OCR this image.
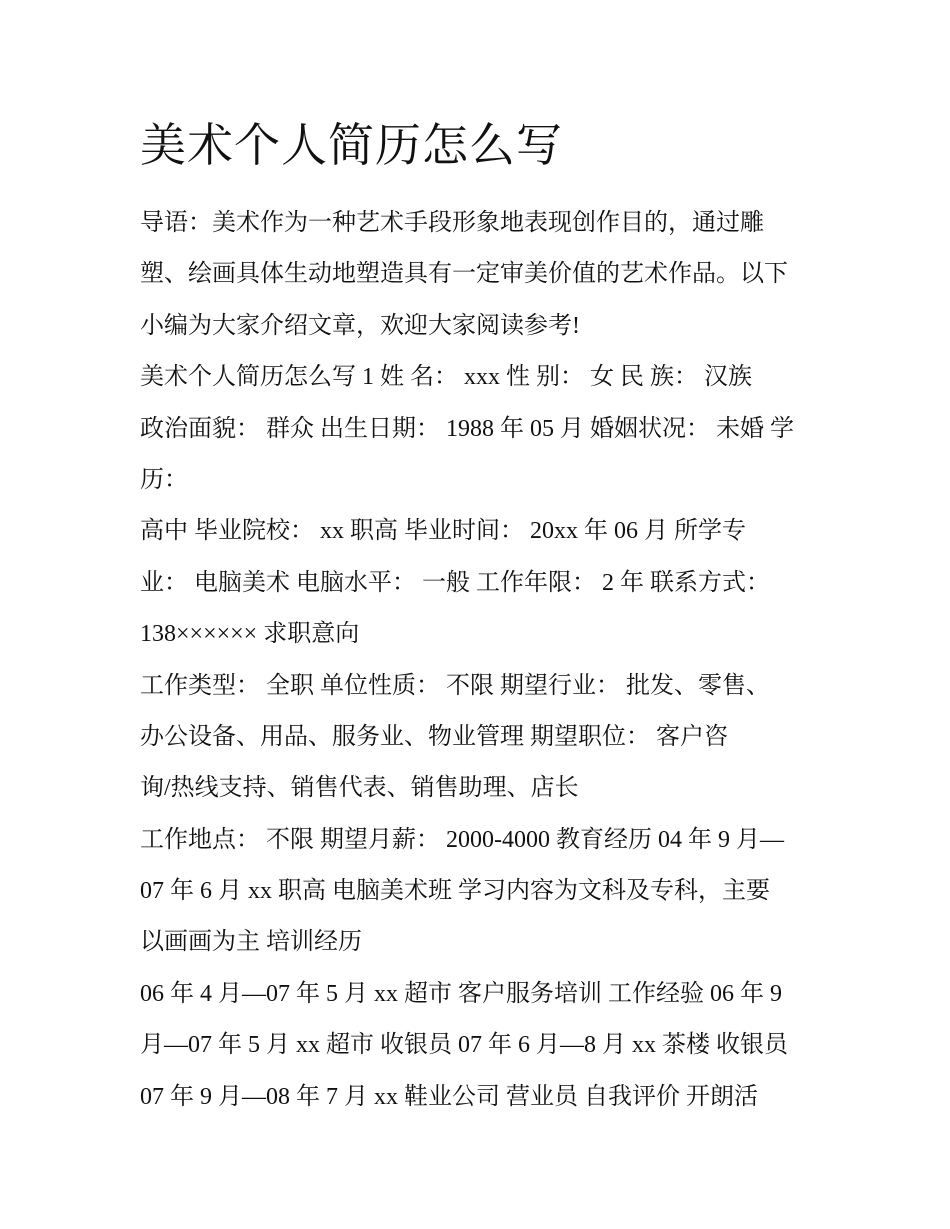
美术个人简历怎么写
导语：美术作为一种艺术手段形象地表现创作目的，通过雕
塑、绘画具体生动地塑造具有一定审美价值的艺术作品。以下
小编为大家介绍文章，欢迎大家阅读参考!
美术个人简历怎么写 1 姓 名： xxx 性 别： 女 民 族： 汉族
政治面貌： 群众 出生日期： 1988 年 05 月 婚姻状况： 未婚 学
历：
高中 毕业院校： xx 职高 毕业时间： 20xx 年 06 月 所学专
业： 电脑美术 电脑水平： 一般 工作年限： 2 年 联系方式：
138×××××× 求职意向
工作类型： 全职 单位性质： 不限 期望行业： 批发、零售、
办公设备、用品、服务业、物业管理 期望职位： 客户咨
询/热线支持、销售代表、销售助理、店长
工作地点： 不限 期望月薪： 2000-4000 教育经历 04 年 9 月—
07 年 6 月 xx 职高 电脑美术班 学习内容为文科及专科，主要
以画画为主 培训经历
06 年 4 月—07 年 5 月 xx 超市 客户服务培训 工作经验 06 年 9
月—07 年 5 月 xx 超市 收银员 07 年 6 月—8 月 xx 茶楼 收银员
07 年 9 月—08 年 7 月 xx 鞋业公司 营业员 自我评价 开朗活
